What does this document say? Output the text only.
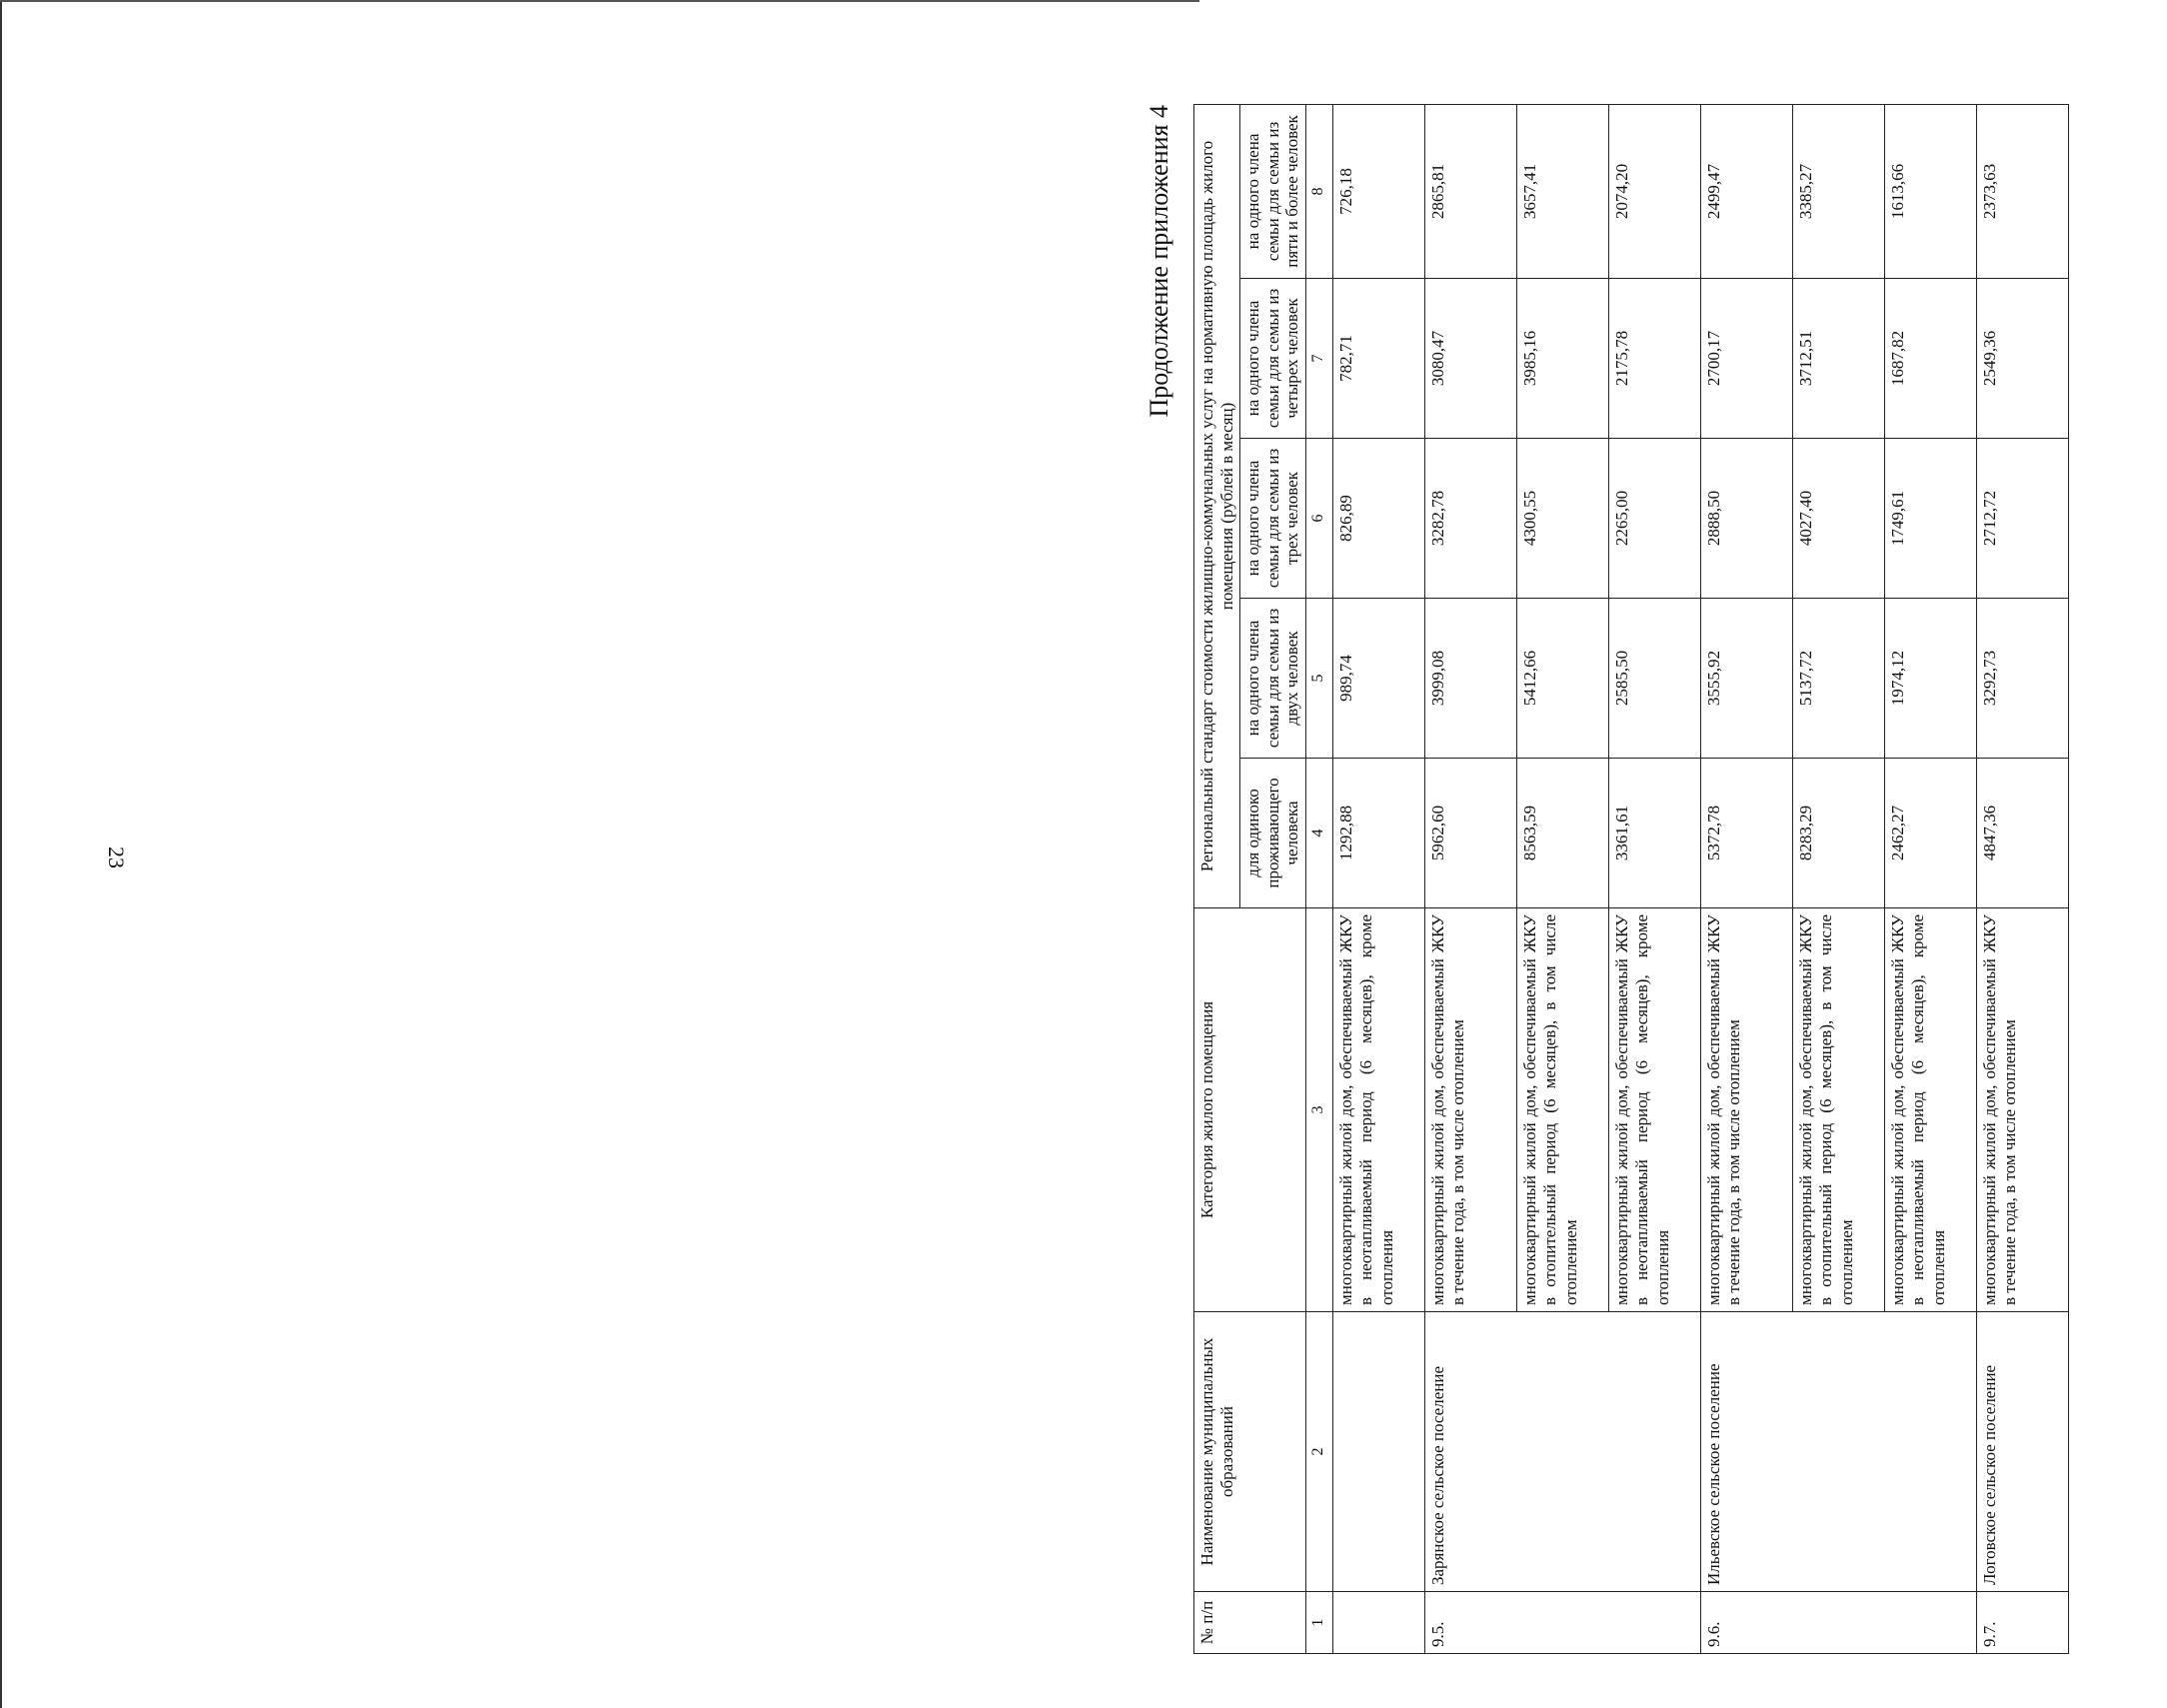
23
Продолжение приложения 4
№ п/п	Наименование муниципальных образований	Категория жилого помещения	Региональный стандарт стоимости жилищно-коммунальных услуг на нормативную площадь жилого помещения (рублей в месяц)				
			для одиноко проживающего человека	на одного члена семьи для семьи из двух человек	на одного члена семьи для семьи из трех человек	на одного члена семьи для семьи из четырех человек	на одного члена семьи для семьи из пяти и более человек
1	2	3	4	5	6	7	8
		многоквартирный жилой дом, обеспечиваемый ЖКУ в неотапливаемый период (6 месяцев), кроме отопления	1292,88	989,74	826,89	782,71	726,18
9.5.	Зарянское сельское поселение	многоквартирный жилой дом, обеспечиваемый ЖКУ в течение года, в том числе отоплением	5962,60	3999,08	3282,78	3080,47	2865,81
		многоквартирный жилой дом, обеспечиваемый ЖКУ в отопительный период (6 месяцев), в том числе отоплением	8563,59	5412,66	4300,55	3985,16	3657,41
		многоквартирный жилой дом, обеспечиваемый ЖКУ в неотапливаемый период (6 месяцев), кроме отопления	3361,61	2585,50	2265,00	2175,78	2074,20
9.6.	Ильевское сельское поселение	многоквартирный жилой дом, обеспечиваемый ЖКУ в течение года, в том числе отоплением	5372,78	3555,92	2888,50	2700,17	2499,47
		многоквартирный жилой дом, обеспечиваемый ЖКУ в отопительный период (6 месяцев), в том числе отоплением	8283,29	5137,72	4027,40	3712,51	3385,27
		многоквартирный жилой дом, обеспечиваемый ЖКУ в неотапливаемый период (6 месяцев), кроме отопления	2462,27	1974,12	1749,61	1687,82	1613,66
9.7.	Логовское сельское поселение	многоквартирный жилой дом, обеспечиваемый ЖКУ в течение года, в том числе отоплением	4847,36	3292,73	2712,72	2549,36	2373,63
